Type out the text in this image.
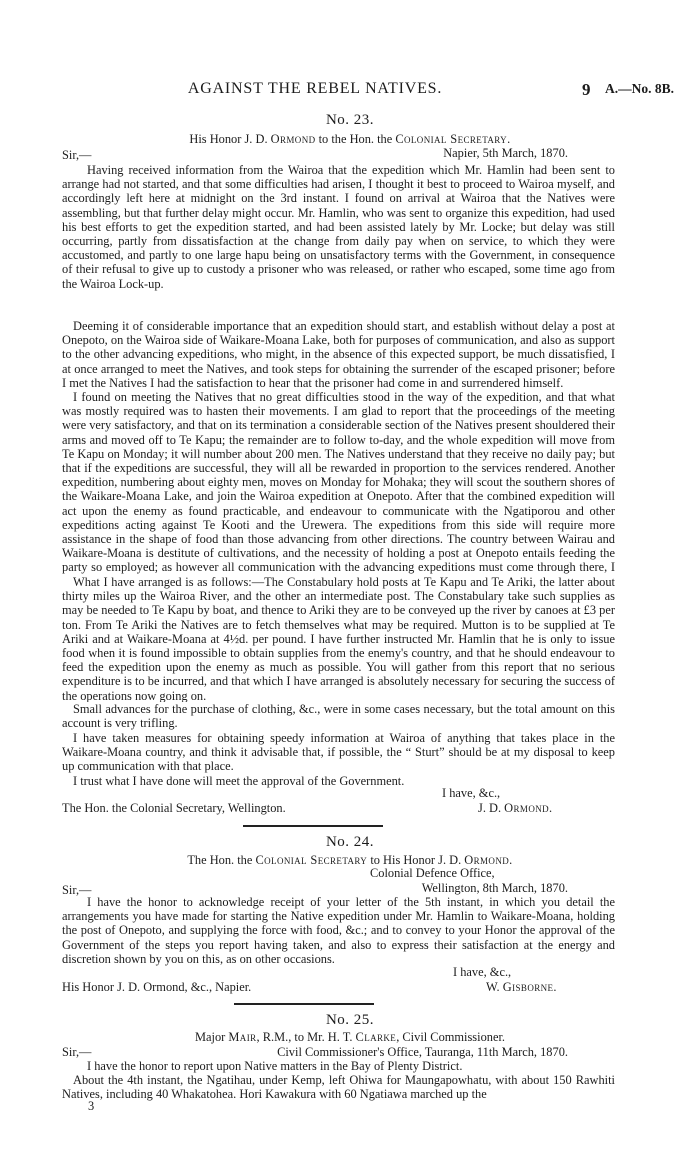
AGAINST THE REBEL NATIVES.	9 A.—No. 8B.
No. 23.
His Honor J. D. Ormond to the Hon. the Colonial Secretary.
Sir,—	Napier, 5th March, 1870.
Having received information from the Wairoa that the expedition which Mr. Hamlin had been sent to arrange had not started, and that some difficulties had arisen, I thought it best to proceed to Wairoa myself, and accordingly left here at midnight on the 3rd instant. I found on arrival at Wairoa that the Natives were assembling, but that further delay might occur. Mr. Hamlin, who was sent to organize this expedition, had used his best efforts to get the expedition started, and had been assisted lately by Mr. Locke; but delay was still occurring, partly from dissatisfaction at the change from daily pay when on service, to which they were accustomed, and partly to one large hapu being on unsatisfactory terms with the Government, in consequence of their refusal to give up to custody a prisoner who was released, or rather who escaped, some time ago from the Wairoa Lock-up.
Deeming it of considerable importance that an expedition should start, and establish without delay a post at Onepoto, on the Wairoa side of Waikare-Moana Lake, both for purposes of communication, and also as support to the other advancing expeditions, who might, in the absence of this expected support, be much dissatisfied, I at once arranged to meet the Natives, and took steps for obtaining the surrender of the escaped prisoner; before I met the Natives I had the satisfaction to hear that the prisoner had come in and surrendered himself.
I found on meeting the Natives that no great difficulties stood in the way of the expedition, and that what was mostly required was to hasten their movements. I am glad to report that the proceedings of the meeting were very satisfactory, and that on its termination a considerable section of the Natives present shouldered their arms and moved off to Te Kapu; the remainder are to follow to-day, and the whole expedition will move from Te Kapu on Monday; it will number about 200 men. The Natives understand that they receive no daily pay; but that if the expeditions are successful, they will all be rewarded in proportion to the services rendered. Another expedition, numbering about eighty men, moves on Monday for Mohaka; they will scout the southern shores of the Waikare-Moana Lake, and join the Wairoa expedition at Onepoto. After that the combined expedition will act upon the enemy as found practicable, and endeavour to communicate with the Ngatiporou and other expeditions acting against Te Kooti and the Urewera. The expeditions from this side will require more assistance in the shape of food than those advancing from other directions. The country between Wairau and Waikare-Moana is destitute of cultivations, and the necessity of holding a post at Onepoto entails feeding the party so employed; as however all communication with the advancing expeditions must come through there, I
What I have arranged is as follows:—The Constabulary hold posts at Te Kapu and Te Ariki, the latter about thirty miles up the Wairoa River, and the other an intermediate post. The Constabulary take such supplies as may be needed to Te Kapu by boat, and thence to Ariki they are to be conveyed up the river by canoes at £3 per ton. From Te Ariki the Natives are to fetch themselves what may be required. Mutton is to be supplied at Te Ariki and at Waikare-Moana at 4½d. per pound. I have further instructed Mr. Hamlin that he is only to issue food when it is found impossible to obtain supplies from the enemy's country, and that he should endeavour to feed the expedition upon the enemy as much as possible. You will gather from this report that no serious expenditure is to be incurred, and that which I have arranged is absolutely necessary for securing the success of the operations now going on.
Small advances for the purchase of clothing, &c., were in some cases necessary, but the total amount on this account is very trifling.
I have taken measures for obtaining speedy information at Wairoa of anything that takes place in the Waikare-Moana country, and think it advisable that, if possible, the “ Sturt” should be at my disposal to keep up communication with that place.
I trust what I have done will meet the approval of the Government.
I have, &c.,
The Hon. the Colonial Secretary, Wellington.	J. D. Ormond.
No. 24.
The Hon. the Colonial Secretary to His Honor J. D. Ormond.
Colonial Defence Office,
Sir,—	Wellington, 8th March, 1870.
I have the honor to acknowledge receipt of your letter of the 5th instant, in which you detail the arrangements you have made for starting the Native expedition under Mr. Hamlin to Waikare-Moana, holding the post of Onepoto, and supplying the force with food, &c.; and to convey to your Honor the approval of the Government of the steps you report having taken, and also to express their satisfaction at the energy and discretion shown by you on this, as on other occasions.
I have, &c.,
His Honor J. D. Ormond, &c., Napier.	W. Gisborne.
No. 25.
Major Mair, R.M., to Mr. H. T. Clarke, Civil Commissioner.
Sir,—	Civil Commissioner's Office, Tauranga, 11th March, 1870.
I have the honor to report upon Native matters in the Bay of Plenty District.
About the 4th instant, the Ngatihau, under Kemp, left Ohiwa for Maungapowhatu, with about 150 Rawhiti Natives, including 40 Whakatohea. Hori Kawakura with 60 Ngatiawa marched up the
3
